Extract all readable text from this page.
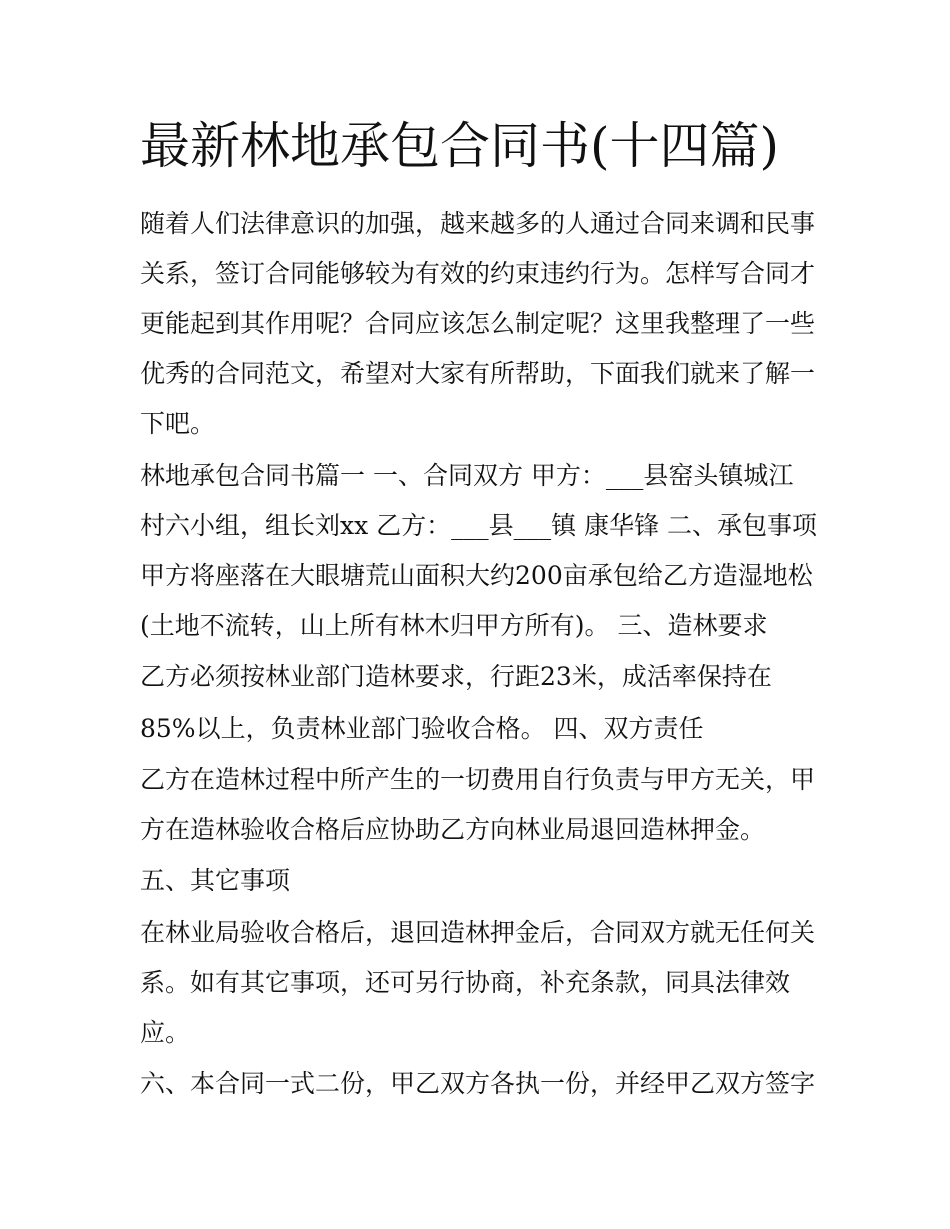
最新林地承包合同书(十四篇)

随着人们法律意识的加强，越来越多的人通过合同来调和民事

关系，签订合同能够较为有效的约束违约行为。怎样写合同才

更能起到其作用呢？合同应该怎么制定呢？这里我整理了一些

优秀的合同范文，希望对大家有所帮助，下面我们就来了解一

下吧。

林地承包合同书篇一 一、合同双方 甲方：___县窑头镇城江

村六小组，组长刘xx 乙方：___县___镇 康华锋 二、承包事项

甲方将座落在大眼塘荒山面积大约200亩承包给乙方造湿地松

(土地不流转，山上所有林木归甲方所有)。 三、造林要求

乙方必须按林业部门造林要求，行距23米，成活率保持在

85%以上，负责林业部门验收合格。 四、双方责任

乙方在造林过程中所产生的一切费用自行负责与甲方无关，甲

方在造林验收合格后应协助乙方向林业局退回造林押金。

五、其它事项

在林业局验收合格后，退回造林押金后，合同双方就无任何关

系。如有其它事项，还可另行协商，补充条款，同具法律效

应。

六、本合同一式二份，甲乙双方各执一份，并经甲乙双方签字
